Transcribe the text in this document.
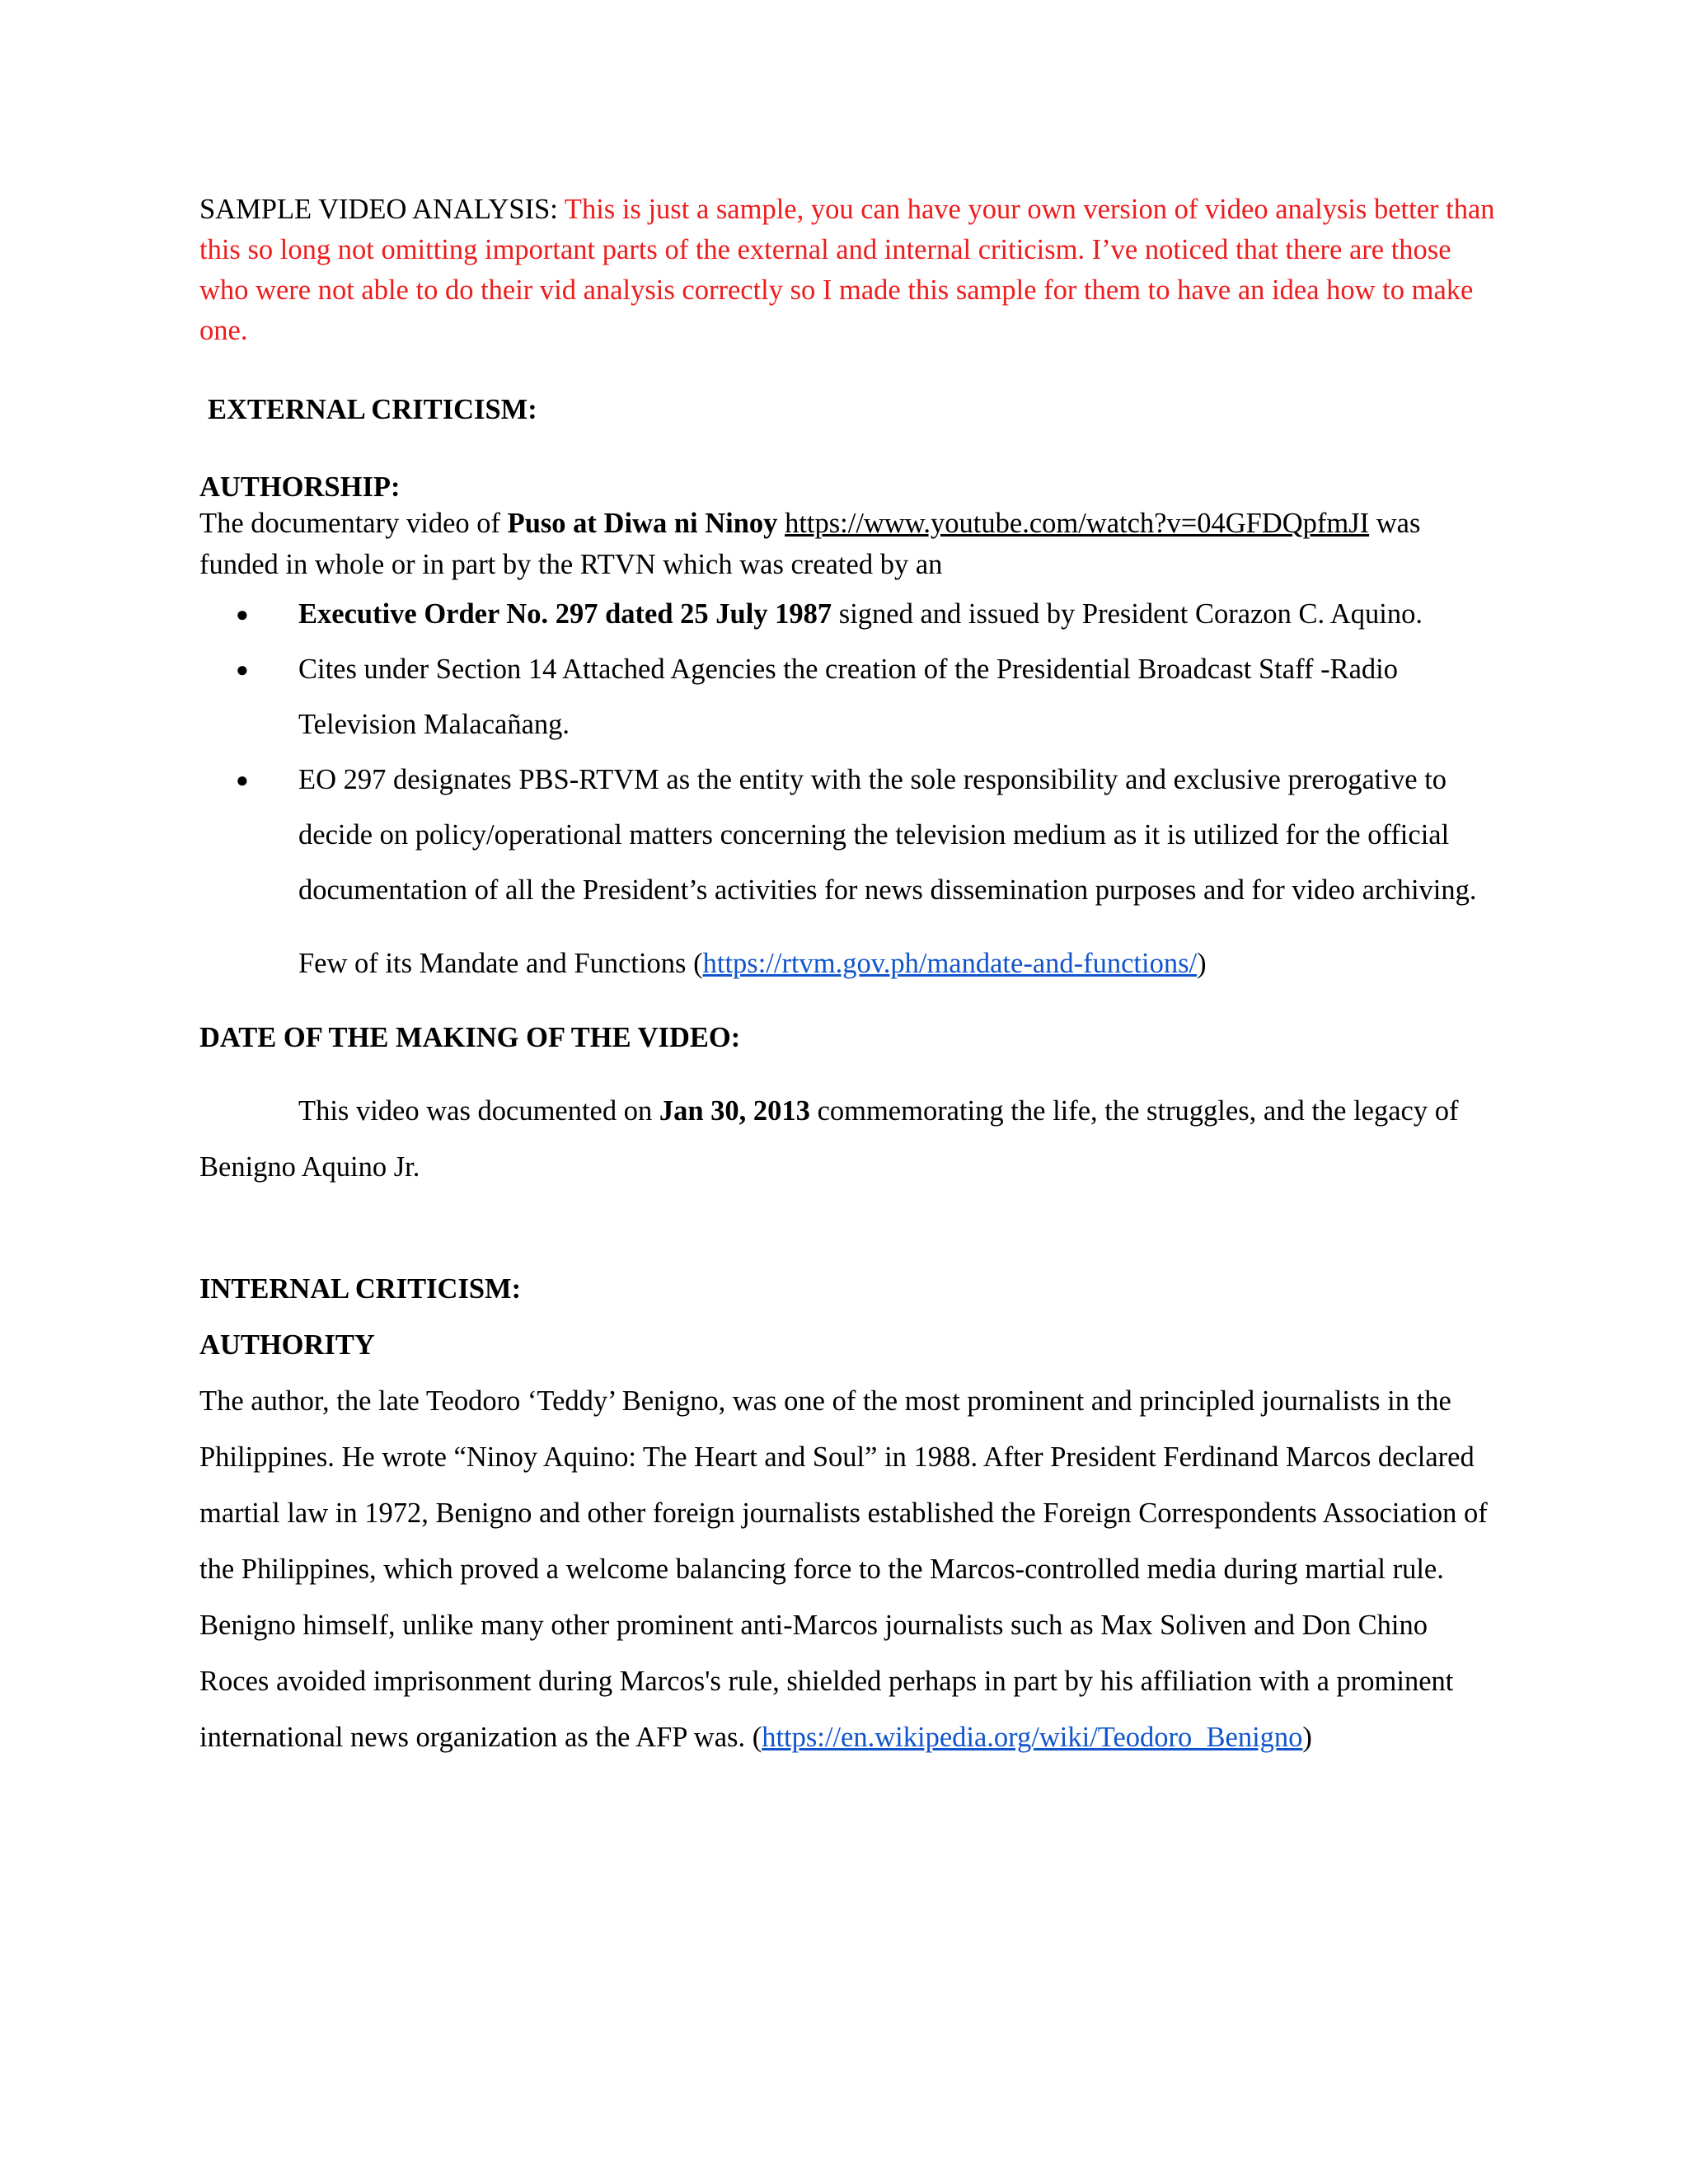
SAMPLE VIDEO ANALYSIS: This is just a sample, you can have your own version of video analysis better than this so long not omitting important parts of the external and internal criticism. I’ve noticed that there are those who were not able to do their vid analysis correctly so I made this sample for them to have an idea how to make one.

EXTERNAL CRITICISM:

AUTHORSHIP:

The documentary video of Puso at Diwa ni Ninoy https://www.youtube.com/watch?v=04GFDQpfmJI was funded in whole or in part by the RTVN which was created by an

● Executive Order No. 297 dated 25 July 1987 signed and issued by President Corazon C. Aquino.
● Cites under Section 14 Attached Agencies the creation of the Presidential Broadcast Staff -Radio Television Malacañang.
● EO 297 designates PBS-RTVM as the entity with the sole responsibility and exclusive prerogative to decide on policy/operational matters concerning the television medium as it is utilized for the official documentation of all the President’s activities for news dissemination purposes and for video archiving.

Few of its Mandate and Functions (https://rtvm.gov.ph/mandate-and-functions/)

DATE OF THE MAKING OF THE VIDEO:

This video was documented on Jan 30, 2013 commemorating the life, the struggles, and the legacy of Benigno Aquino Jr.

INTERNAL CRITICISM:

AUTHORITY

The author, the late Teodoro ‘Teddy’ Benigno, was one of the most prominent and principled journalists in the Philippines. He wrote “Ninoy Aquino: The Heart and Soul” in 1988. After President Ferdinand Marcos declared martial law in 1972, Benigno and other foreign journalists established the Foreign Correspondents Association of the Philippines, which proved a welcome balancing force to the Marcos-controlled media during martial rule. Benigno himself, unlike many other prominent anti-Marcos journalists such as Max Soliven and Don Chino Roces avoided imprisonment during Marcos's rule, shielded perhaps in part by his affiliation with a prominent international news organization as the AFP was. (https://en.wikipedia.org/wiki/Teodoro_Benigno)
